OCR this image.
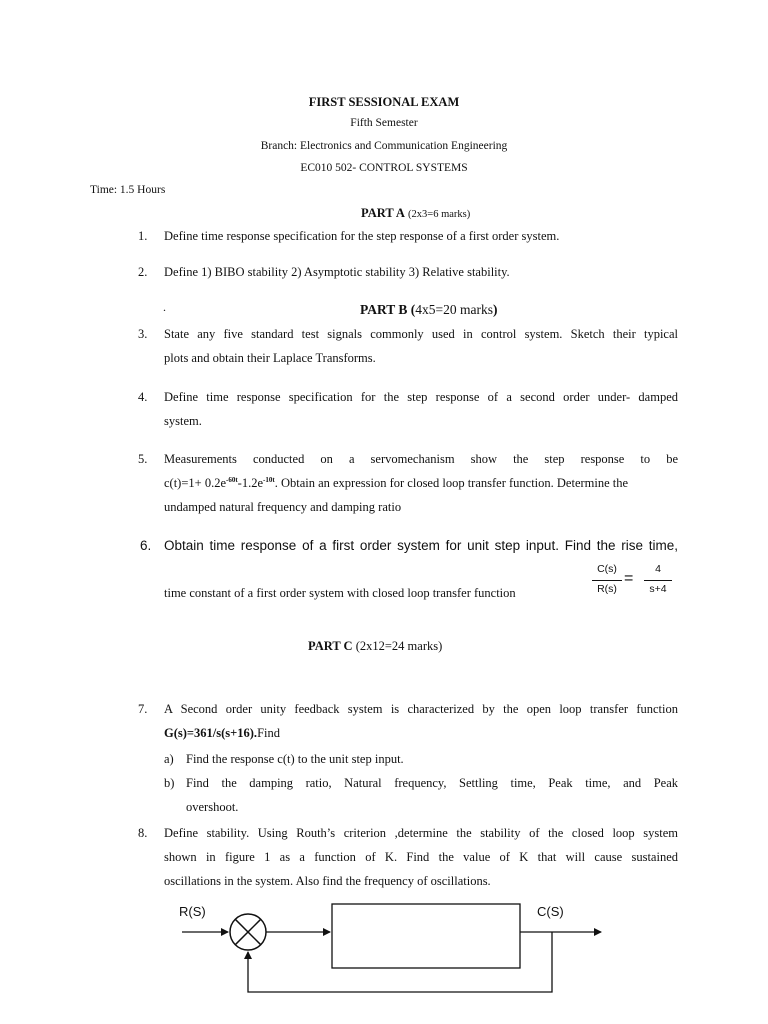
FIRST SESSIONAL EXAM
Fifth Semester
Branch: Electronics and Communication Engineering
EC010 502- CONTROL SYSTEMS
Time: 1.5 Hours
PART A (2x3=6 marks)
1.	Define time response specification for the step response of a first order system.
2.	Define 1) BIBO stability 2) Asymptotic stability 3) Relative stability.
.	PART B (4x5=20 marks)
3.	State any five standard test signals commonly used in control system. Sketch their typical
plots and obtain their Laplace Transforms.
4.	Define time response specification for the step response of a second order under- damped
system.
5.	Measurements conducted on a servomechanism show the step response to be
$c(t)=1+ 0.2e^{-60t}-1.2e^{-10t}$. Obtain an expression for closed loop transfer function. Determine the
undamped natural frequency and damping ratio
6. Obtain time response of a first order system for unit step input. Find the rise time,
time constant of a first order system with closed loop transfer function
C(s)
R(s)
=
4
s+4
PART C (2x12=24 marks)
7.	A Second order unity feedback system is characterized by the open loop transfer function
G(s)=361/s(s+16).Find
a) Find the response c(t) to the unit step input.
b) Find the damping ratio, Natural frequency, Settling time, Peak time, and Peak
overshoot.
8.	Define stability. Using Routh’s criterion ,determine the stability of the closed loop system
shown in figure 1 as a function of K. Find the value of K that will cause sustained
oscillations in the system. Also find the frequency of oscillations.
R(S)	C(S)
